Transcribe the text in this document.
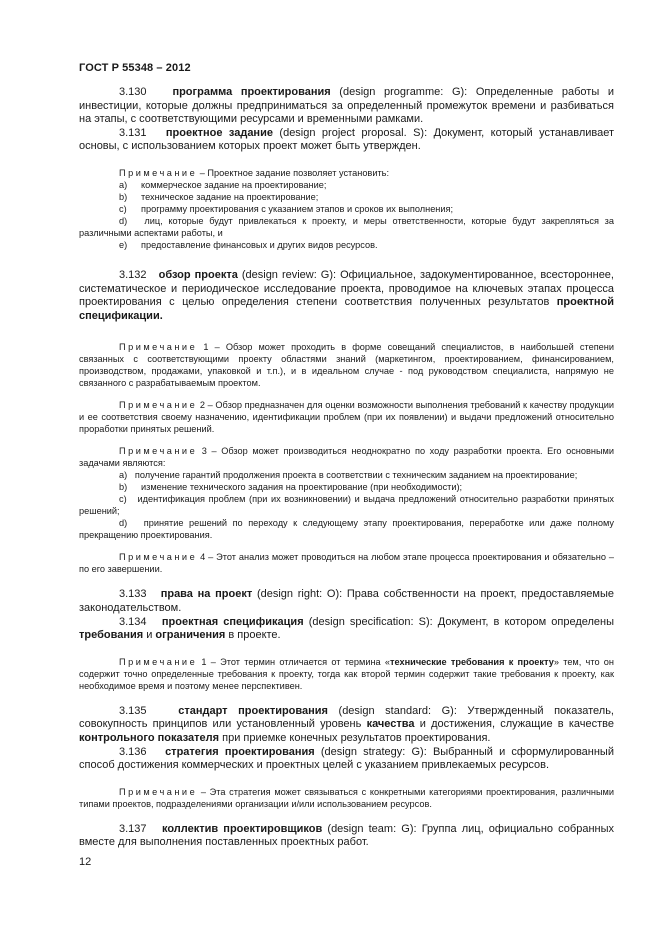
ГОСТ Р 55348 – 2012

3.130 программа проектирования (design programme: G): Определенные работы и инвестиции, которые должны предприниматься за определенный промежуток времени и разбиваться на этапы, с соответствующими ресурсами и временными рамками.

3.131 проектное задание (design project proposal. S): Документ, который устанавливает основы, с использованием которых проект может быть утвержден.

Примечание – Проектное задание позволяет установить:

а)	коммерческое задание на проектирование;
b)	техническое задание на проектирование;
c)	программу проектирования с указанием этапов и сроков их выполнения;

d) лиц, которые будут привлекаться к проекту, и меры ответственности, которые будут закрепляться за различными аспектами работы, и

е)	предоставление финансовых и других видов ресурсов.

3.132 обзор проекта (design review: G): Официальное, задокументированное, всестороннее, систематическое и периодическое исследование проекта, проводимое на ключевых этапах процесса проектирования с целью определения степени соответствия полученных результатов проектной спецификации.

Примечание 1 – Обзор может проходить в форме совещаний специалистов, в наибольшей степени связанных с соответствующими проекту областями знаний (маркетингом, проектированием, финансированием, производством, продажами, упаковкой и т.п.), и в идеальном случае - под руководством специалиста, напрямую не связанного с разрабатываемым проектом.

Примечание 2 – Обзор предназначен для оценки возможности выполнения требований к качеству продукции и ее соответствия своему назначению, идентификации проблем (при их появлении) и выдачи предложений относительно проработки принятых решений.

Примечание 3 – Обзор может производиться неоднократно по ходу разработки проекта. Его основными задачами являются:

a) получение гарантий продолжения проекта в соответствии с техническим заданием на проектирование;

b)	изменение технического задания на проектирование (при необходимости);

c) идентификация проблем (при их возникновении) и выдача предложений относительно разработки принятых решений;

d) принятие решений по переходу к следующему этапу проектирования, переработке или даже полному прекращению проектирования.

Примечание 4 – Этот анализ может проводиться на любом этапе процесса проектирования и обязательно – по его завершении.

3.133 права на проект (design right: O): Права собственности на проект, предоставляемые законодательством.

3.134 проектная спецификация (design specification: S): Документ, в котором определены требования и ограничения в проекте.

Примечание 1 – Этот термин отличается от термина «технические требования к проекту» тем, что он содержит точно определенные требования к проекту, тогда как второй термин содержит такие требования к проекту, как необходимое время и поэтому менее перспективен.

3.135	стандарт проектирования (design standard: G): Утвержденный показатель, совокупность принципов или установленный уровень качества и достижения, служащие в качестве контрольного показателя при приемке конечных результатов проектирования.

3.136 стратегия проектирования (design strategy: G): Выбранный и сформулированный способ достижения коммерческих и проектных целей с указанием привлекаемых ресурсов.

Примечание – Эта стратегия может связываться с конкретными категориями проектирования, различными типами проектов, подразделениями организации и/или использованием ресурсов.

3.137 коллектив проектировщиков (design team: G): Группа лиц, официально собранных вместе для выполнения поставленных проектных работ.

12
